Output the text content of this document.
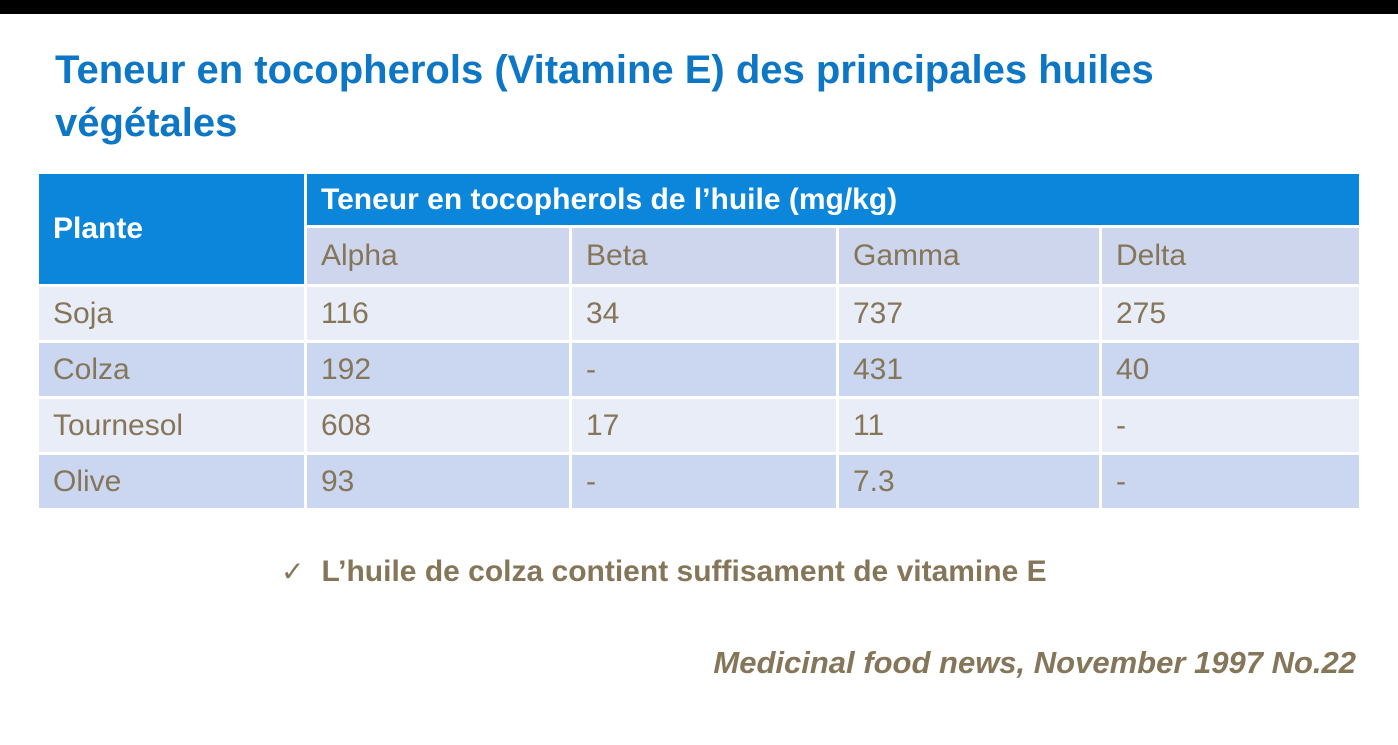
Teneur en tocopherols (Vitamine E) des principales huiles végétales
Plante	Teneur en tocopherols de l’huile (mg/kg)			
	Alpha	Beta	Gamma	Delta
Soja	116	34	737	275
Colza	192	-	431	40
Tournesol	608	17	11	-
Olive	93	-	7.3	-
✓ L’huile de colza contient suffisament de vitamine E
Medicinal food news, November 1997 No.22
